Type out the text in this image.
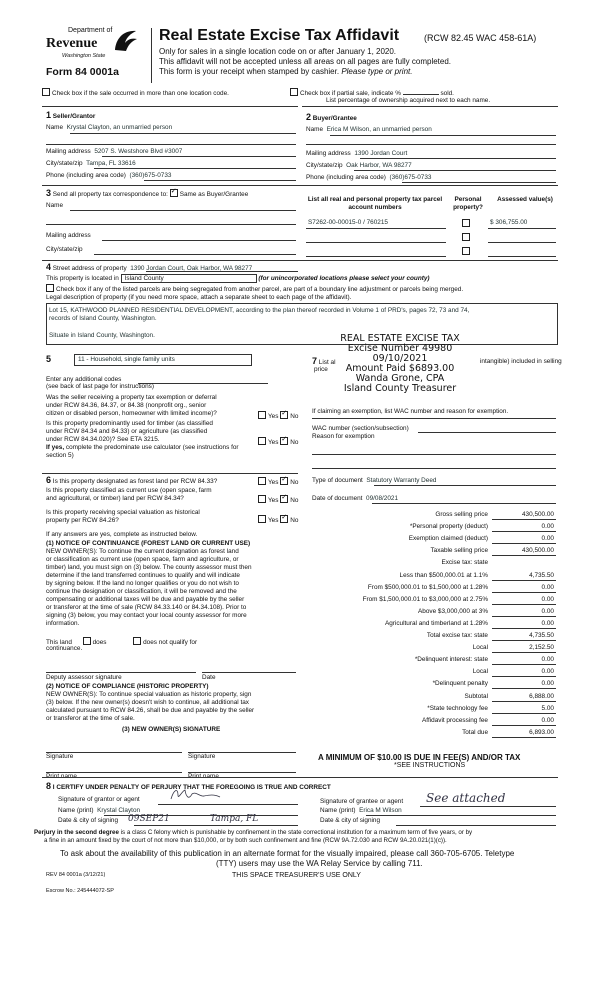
Department of
Revenue
Washington State
Form 84 0001a
Real Estate Excise Tax Affidavit	(RCW 82.45 WAC 458-61A)
Only for sales in a single location code on or after January 1, 2020.
This affidavit will not be accepted unless all areas on all pages are fully completed.
This form is your receipt when stamped by cashier. Please type or print.
Check box if the sale occurred in more than one location code.	Check box if partial sale, indicate %	sold.
List percentage of ownership acquired next to each name.
1 Seller/Grantor
Name Krystal Clayton, an unmarried person
Mailing address 5207 S. Westshore Blvd #3007
City/state/zip Tampa, FL 33616
Phone (including area code) (360)675-0733
2 Buyer/Grantee
Name Erica M Wilson, an unmarried person
Mailing address 1390 Jordan Court
City/state/zip Oak Harbor, WA 98277
Phone (including area code) (360)675-0733
3 Send all property tax correspondence to: ✓ Same as Buyer/Grantee
Name
Mailing address
City/state/zip
List all real and personal property tax parcel account numbers
Personal property?
Assessed value(s)
S7262-00-00015-0 / 760215	$ 306,755.00
4 Street address of property 1390 Jordan Court, Oak Harbor, WA 98277
This property is located in Island County	(for unincorporated locations please select your county)
Check box if any of the listed parcels are being segregated from another parcel, are part of a boundary line adjustment or parcels being merged.
Legal description of property (if you need more space, attach a separate sheet to each page of the affidavit).
Lot 15, KATHWOOD PLANNED RESIDENTIAL DEVELOPMENT, according to the plan thereof recorded in Volume 1 of PRD's, pages 72, 73 and 74,
records of Island County, Washington.
Situate in Island County, Washington.	REAL ESTATE EXCISE TAX
Excise Number 49980
09/10/2021
Amount Paid $6893.00
Wanda Grone, CPA
Island County Treasurer
5	11 - Household, single family units
Enter any additional codes
(see back of last page for instructions)
Was the seller receiving a property tax exemption or deferral
under RCW 84.36, 84.37, or 84.38 (nonprofit org., senior
citizen or disabled person, homeowner with limited income)?	Yes ✓ No
Is this property predominantly used for timber (as classified
under RCW 84.34 and 84.33) or agriculture (as classified
under RCW 84.34.020)? See ETA 3215.
If yes, complete the predominate use calculator (see instructions for
section 5)
Yes ✓ No
7 List al
price
intangible) included in selling
If claiming an exemption, list WAC number and reason for exemption.
WAC number (section/subsection)
Reason for exemption
Type of document Statutory Warranty Deed
Date of document 09/08/2021
6 Is this property designated as forest land per RCW 84.33?	Yes ✓ No
Is this property classified as current use (open space, farm
and agricultural, or timber) land per RCW 84.34?	Yes ✓ No
Is this property receiving special valuation as historical
property per RCW 84.26?	Yes ✓ No
If any answers are yes, complete as instructed below.
(1) NOTICE OF CONTINUANCE (FOREST LAND OR CURRENT USE)
NEW OWNER(S): To continue the current designation as forest land
or classification as current use (open space, farm and agriculture, or
timber) land, you must sign on (3) below. The county assessor must then
determine if the land transferred continues to qualify and will indicate
by signing below. If the land no longer qualifies or you do not wish to
continue the designation or classification, it will be removed and the
compensating or additional taxes will be due and payable by the seller
or transferor at the time of sale (RCW 84.33.140 or 84.34.108). Prior to
signing (3) below, you may contact your local county assessor for more
information.
This land	does	does not qualify for
continuance.
Deputy assessor signature	Date
(2) NOTICE OF COMPLIANCE (HISTORIC PROPERTY)
NEW OWNER(S): To continue special valuation as historic property, sign
(3) below. If the new owner(s) doesn't wish to continue, all additional tax
calculated pursuant to RCW 84.26, shall be due and payable by the seller
or transferor at the time of sale.
(3) NEW OWNER(S) SIGNATURE
Signature	Signature
Print name	Print name
Gross selling price	430,500.00
*Personal property (deduct)	0.00
Exemption claimed (deduct)	0.00
Taxable selling price	430,500.00
Excise tax: state
Less than $500,000.01 at 1.1%	4,735.50
From $500,000.01 to $1,500,000 at 1.28%	0.00
From $1,500,000.01 to $3,000,000 at 2.75%	0.00
Above $3,000,000 at 3%	0.00
Agricultural and timberland at 1.28%	0.00
Total excise tax: state	4,735.50
Local	2,152.50
*Delinquent interest: state	0.00
Local	0.00
*Delinquent penalty	0.00
Subtotal	6,888.00
*State technology fee	5.00
Affidavit processing fee	0.00
Total due	6,893.00
A MINIMUM OF $10.00 IS DUE IN FEE(S) AND/OR TAX
*SEE INSTRUCTIONS
8 I CERTIFY UNDER PENALTY OF PERJURY THAT THE FOREGOING IS TRUE AND CORRECT
Signature of grantor or agent
Name (print) Krystal Clayton
Date & city of signing 09SEP21	Tampa, FL
Signature of grantee or agent See attached
Name (print) Erica M Wilson
Date & city of signing
Perjury in the second degree is a class C felony which is punishable by confinement in the state correctional institution for a maximum term of five years, or by
a fine in an amount fixed by the court of not more than $10,000, or by both such confinement and fine (RCW 9A.72.030 and RCW 9A.20.021(1)(c)).
To ask about the availability of this publication in an alternate format for the visually impaired, please call 360-705-6705. Teletype
(TTY) users may use the WA Relay Service by calling 711.
REV 84 0001a (3/12/21)	THIS SPACE TREASURER'S USE ONLY
Escrow No.: 245444072-SP
